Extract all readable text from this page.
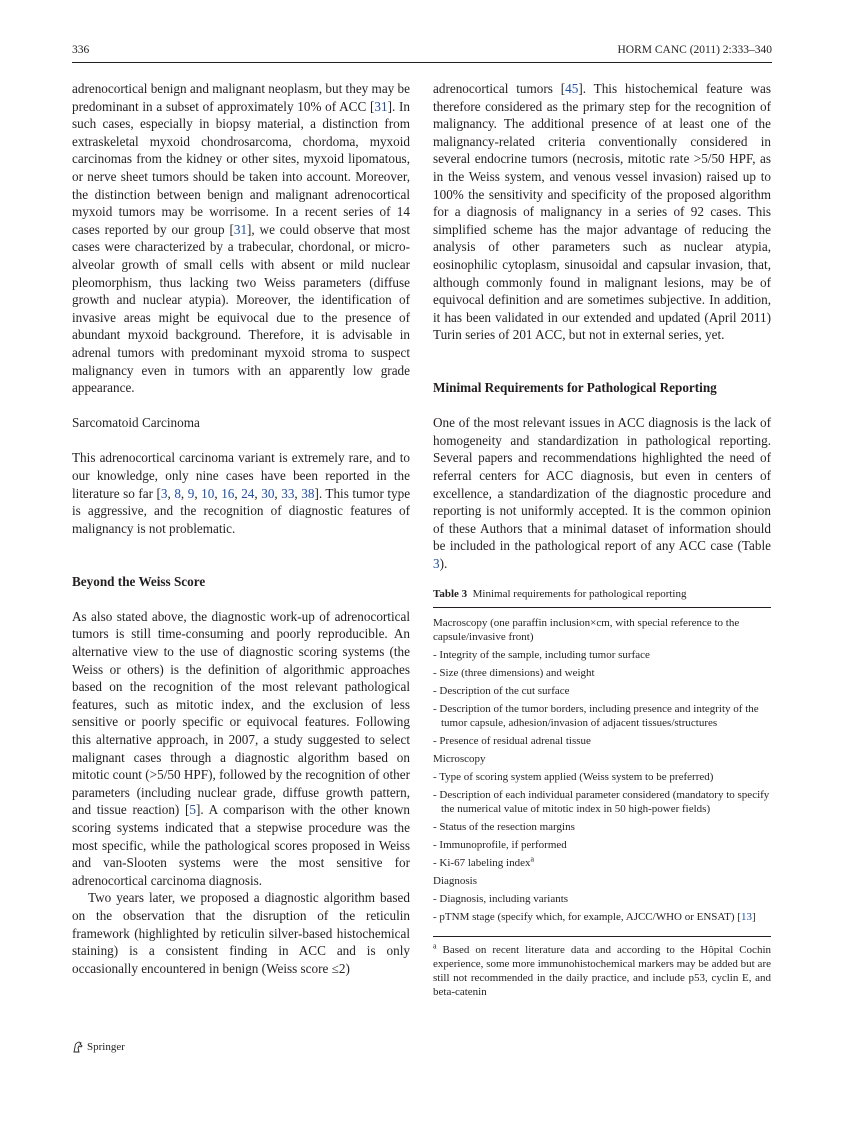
336	HORM CANC (2011) 2:333–340

adrenocortical benign and malignant neoplasm, but they may be predominant in a subset of approximately 10% of ACC [31]. In such cases, especially in biopsy material, a distinction from extraskeletal myxoid chondrosarcoma, chordoma, myxoid carcinomas from the kidney or other sites, myxoid lipomatous, or nerve sheet tumors should be taken into account. Moreover, the distinction between benign and malignant adrenocortical myxoid tumors may be worrisome. In a recent series of 14 cases reported by our group [31], we could observe that most cases were characterized by a trabecular, chordonal, or micro-alveolar growth of small cells with absent or mild nuclear pleomorphism, thus lacking two Weiss parameters (diffuse growth and nuclear atypia). Moreover, the identification of invasive areas might be equivocal due to the presence of abundant myxoid background. Therefore, it is advisable in adrenal tumors with predominant myxoid stroma to suspect malignancy even in tumors with an apparently low grade appearance.

Sarcomatoid Carcinoma

This adrenocortical carcinoma variant is extremely rare, and to our knowledge, only nine cases have been reported in the literature so far [3, 8, 9, 10, 16, 24, 30, 33, 38]. This tumor type is aggressive, and the recognition of diagnostic features of malignancy is not problematic.

Beyond the Weiss Score

As also stated above, the diagnostic work-up of adrenocortical tumors is still time-consuming and poorly reproducible. An alternative view to the use of diagnostic scoring systems (the Weiss or others) is the definition of algorithmic approaches based on the recognition of the most relevant pathological features, such as mitotic index, and the exclusion of less sensitive or poorly specific or equivocal features. Following this alternative approach, in 2007, a study suggested to select malignant cases through a diagnostic algorithm based on mitotic count (>5/50 HPF), followed by the recognition of other parameters (including nuclear grade, diffuse growth pattern, and tissue reaction) [5]. A comparison with the other known scoring systems indicated that a stepwise procedure was the most specific, while the pathological scores proposed in Weiss and van-Slooten systems were the most sensitive for adrenocortical carcinoma diagnosis.

Two years later, we proposed a diagnostic algorithm based on the observation that the disruption of the reticulin framework (highlighted by reticulin silver-based histochemical staining) is a consistent finding in ACC and is only occasionally encountered in benign (Weiss score ≤2)

adrenocortical tumors [45]. This histochemical feature was therefore considered as the primary step for the recognition of malignancy. The additional presence of at least one of the malignancy-related criteria conventionally considered in several endocrine tumors (necrosis, mitotic rate >5/50 HPF, as in the Weiss system, and venous vessel invasion) raised up to 100% the sensitivity and specificity of the proposed algorithm for a diagnosis of malignancy in a series of 92 cases. This simplified scheme has the major advantage of reducing the analysis of other parameters such as nuclear atypia, eosinophilic cytoplasm, sinusoidal and capsular invasion, that, although commonly found in malignant lesions, may be of equivocal definition and are sometimes subjective. In addition, it has been validated in our extended and updated (April 2011) Turin series of 201 ACC, but not in external series, yet.

Minimal Requirements for Pathological Reporting

One of the most relevant issues in ACC diagnosis is the lack of homogeneity and standardization in pathological reporting. Several papers and recommendations highlighted the need of referral centers for ACC diagnosis, but even in centers of excellence, a standardization of the diagnostic procedure and reporting is not uniformly accepted. It is the common opinion of these Authors that a minimal dataset of information should be included in the pathological report of any ACC case (Table 3).

Table 3 Minimal requirements for pathological reporting
Macroscopy (one paraffin inclusion×cm, with special reference to the capsule/invasive front)
- Integrity of the sample, including tumor surface
- Size (three dimensions) and weight
- Description of the cut surface
- Description of the tumor borders, including presence and integrity of the tumor capsule, adhesion/invasion of adjacent tissues/structures
- Presence of residual adrenal tissue
Microscopy
- Type of scoring system applied (Weiss system to be preferred)
- Description of each individual parameter considered (mandatory to specify the numerical value of mitotic index in 50 high-power fields)
- Status of the resection margins
- Immunoprofile, if performed
- Ki-67 labeling index$^a$
Diagnosis
- Diagnosis, including variants
- pTNM stage (specify which, for example, AJCC/WHO or ENSAT) [13]
$^a$ Based on recent literature data and according to the Hôpital Cochin experience, some more immunohistochemical markers may be added but are still not recommended in the daily practice, and include p53, cyclin E, and beta-catenin
Springer
